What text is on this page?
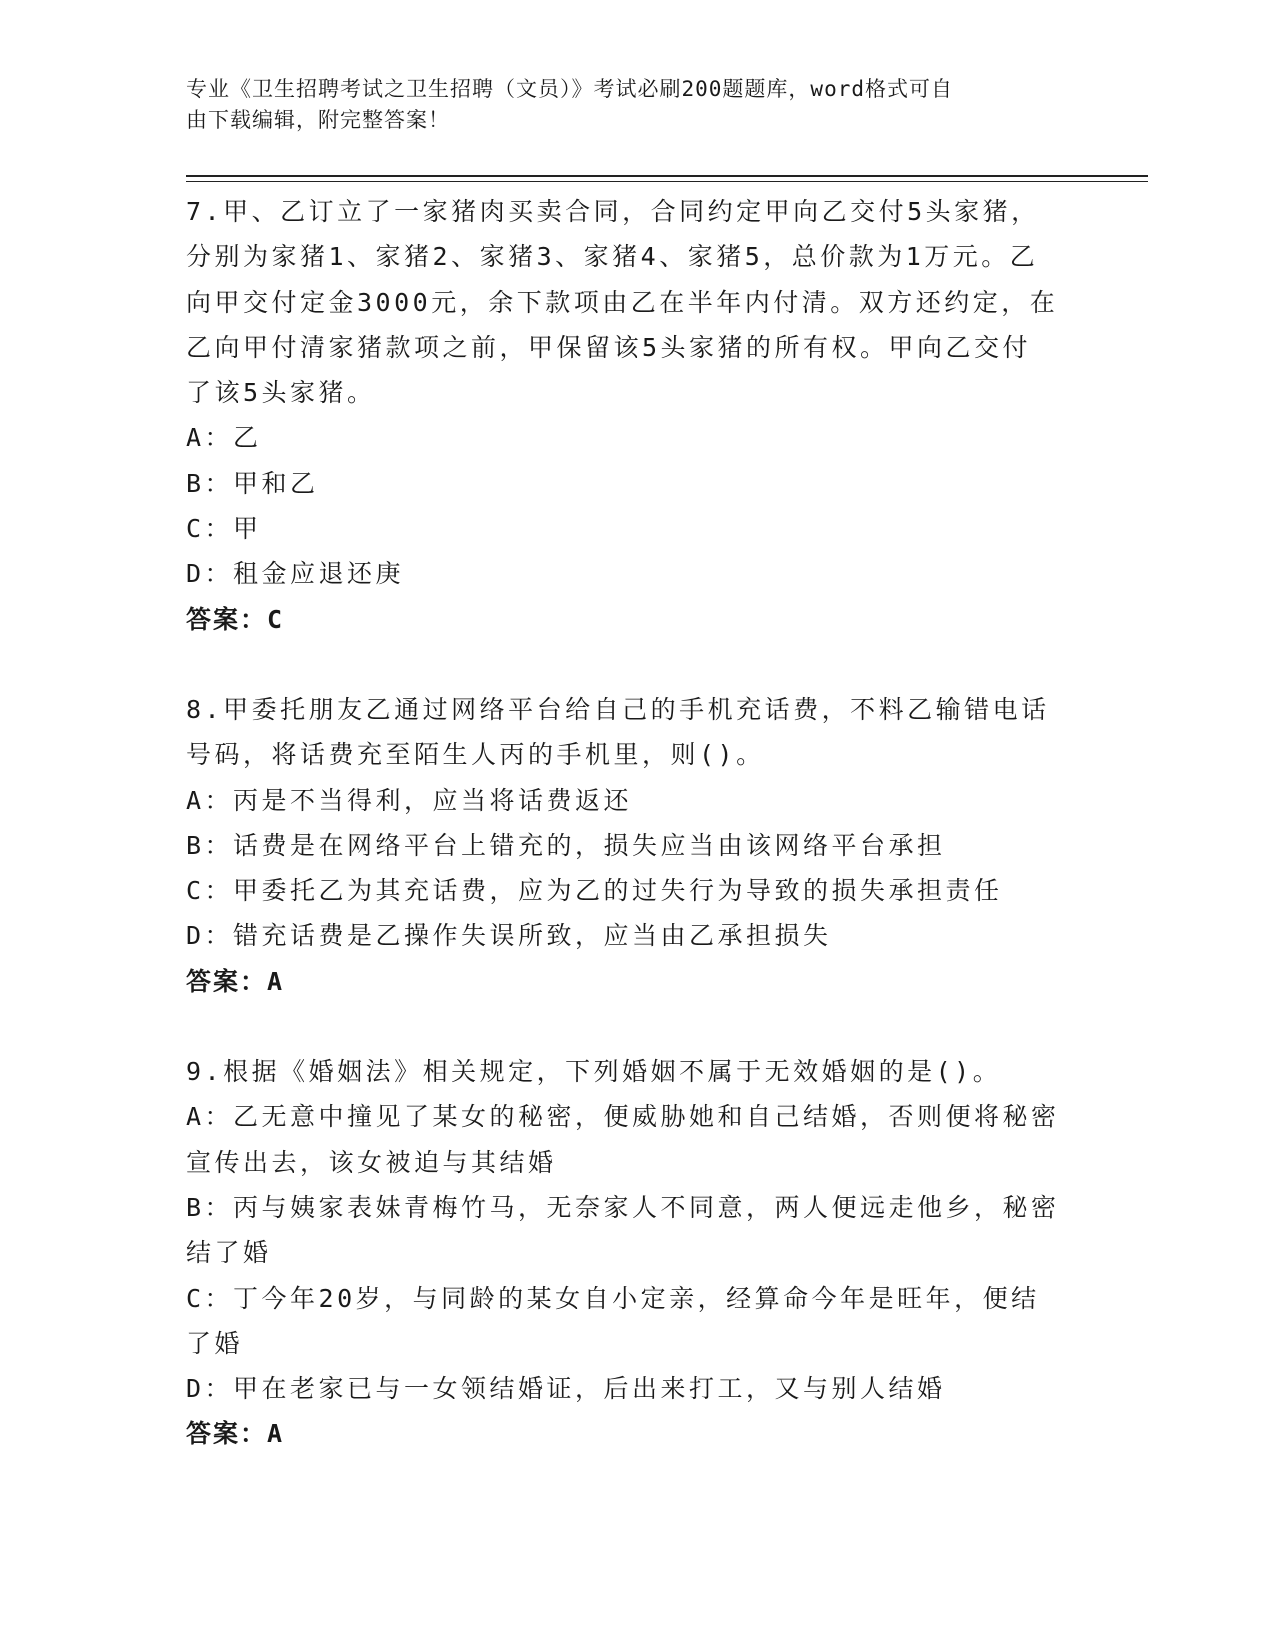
专业《卫生招聘考试之卫生招聘（文员）》考试必刷200题题库，word格式可自
由下载编辑，附完整答案！
7.甲、乙订立了一家猪肉买卖合同，合同约定甲向乙交付5头家猪，
分别为家猪1、家猪2、家猪3、家猪4、家猪5，总价款为1万元。乙
向甲交付定金3000元，余下款项由乙在半年内付清。双方还约定，在
乙向甲付清家猪款项之前，甲保留该5头家猪的所有权。甲向乙交付
了该5头家猪。
A：乙
B：甲和乙
C：甲
D：租金应退还庚
答案：C
8.甲委托朋友乙通过网络平台给自己的手机充话费，不料乙输错电话
号码，将话费充至陌生人丙的手机里，则()。
A：丙是不当得利，应当将话费返还
B：话费是在网络平台上错充的，损失应当由该网络平台承担
C：甲委托乙为其充话费，应为乙的过失行为导致的损失承担责任
D：错充话费是乙操作失误所致，应当由乙承担损失
答案：A
9.根据《婚姻法》相关规定，下列婚姻不属于无效婚姻的是()。
A：乙无意中撞见了某女的秘密，便威胁她和自己结婚，否则便将秘密
宣传出去，该女被迫与其结婚
B：丙与姨家表妹青梅竹马，无奈家人不同意，两人便远走他乡，秘密
结了婚
C：丁今年20岁，与同龄的某女自小定亲，经算命今年是旺年，便结
了婚
D：甲在老家已与一女领结婚证，后出来打工，又与别人结婚
答案：A
